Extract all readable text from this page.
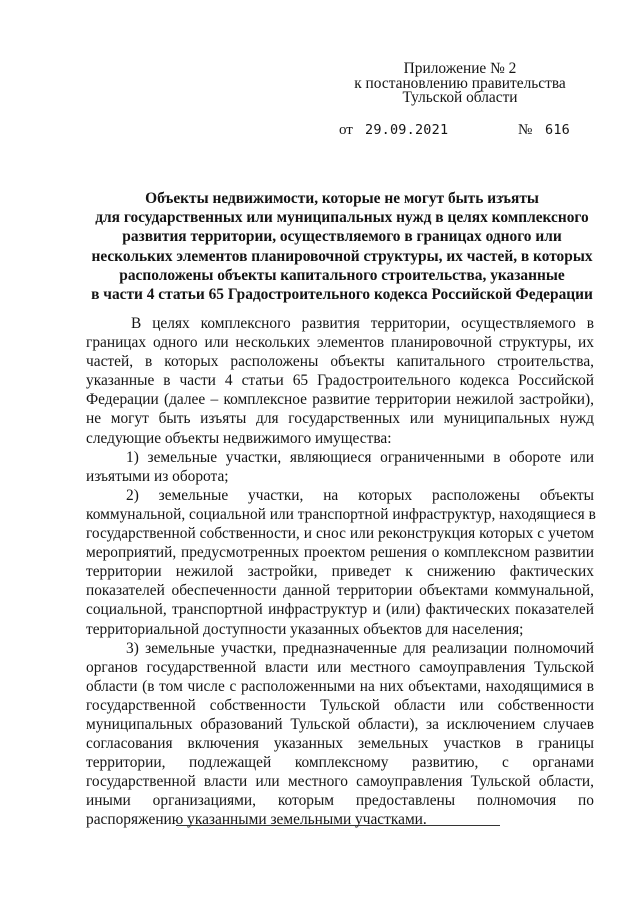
Приложение № 2
к постановлению правительства
Тульской области
от 29.09.2021	№ 616
Объекты недвижимости, которые не могут быть изъяты
для государственных или муниципальных нужд в целях комплексного
развития территории, осуществляемого в границах одного или
нескольких элементов планировочной структуры, их частей, в которых
расположены объекты капитального строительства, указанные
в части 4 статьи 65 Градостроительного кодекса Российской Федерации
В целях комплексного развития территории, осуществляемого в
границах одного или нескольких элементов планировочной структуры, их
частей, в которых расположены объекты капитального строительства,
указанные в части 4 статьи 65 Градостроительного кодекса Российской
Федерации (далее – комплексное развитие территории нежилой застройки),
не могут быть изъяты для государственных или муниципальных нужд
следующие объекты недвижимого имущества:
1) земельные участки, являющиеся ограниченными в обороте или
изъятыми из оборота;
2) земельные участки, на которых расположены объекты
коммунальной, социальной или транспортной инфраструктур, находящиеся в
государственной собственности, и снос или реконструкция которых с учетом
мероприятий, предусмотренных проектом решения о комплексном развитии
территории нежилой застройки, приведет к снижению фактических
показателей обеспеченности данной территории объектами коммунальной,
социальной, транспортной инфраструктур и (или) фактических показателей
территориальной доступности указанных объектов для населения;
3) земельные участки, предназначенные для реализации полномочий
органов государственной власти или местного самоуправления Тульской
области (в том числе с расположенными на них объектами, находящимися в
государственной собственности Тульской области или собственности
муниципальных образований Тульской области), за исключением случаев
согласования включения указанных земельных участков в границы
территории, подлежащей комплексному развитию, с органами
государственной власти или местного самоуправления Тульской области,
иными организациями, которым предоставлены полномочия по
распоряжению указанными земельными участками.
